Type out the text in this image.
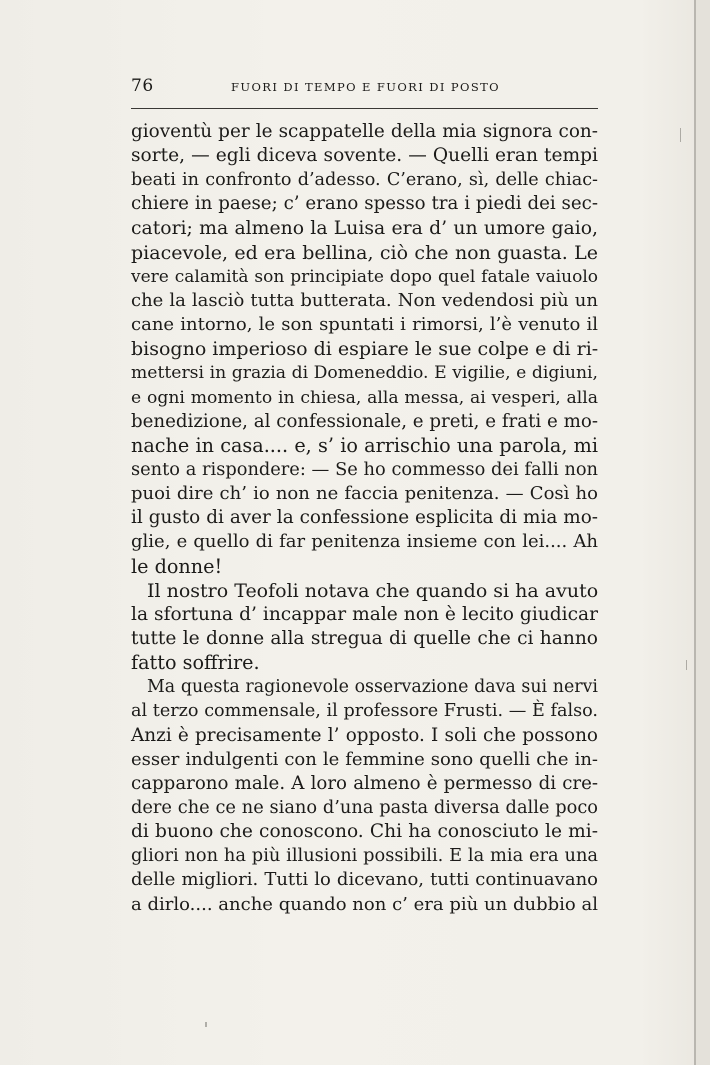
76	FUORI DI TEMPO E FUORI DI POSTO
gioventù per le scappatelle della mia signora con-
sorte, — egli diceva sovente. — Quelli eran tempi
beati in confronto d’adesso. C’erano, sì, delle chiac-
chiere in paese; c’ erano spesso tra i piedi dei sec-
catori; ma almeno la Luisa era d’ un umore gaio,
piacevole, ed era bellina, ciò che non guasta. Le
vere calamità son principiate dopo quel fatale vaiuolo
che la lasciò tutta butterata. Non vedendosi più un
cane intorno, le son spuntati i rimorsi, l’è venuto il
bisogno imperioso di espiare le sue colpe e di ri-
mettersi in grazia di Domeneddio. E vigilie, e digiuni,
e ogni momento in chiesa, alla messa, ai vesperi, alla
benedizione, al confessionale, e preti, e frati e mo-
nache in casa.... e, s’ io arrischio una parola, mi
sento a rispondere: — Se ho commesso dei falli non
puoi dire ch’ io non ne faccia penitenza. — Così ho
il gusto di aver la confessione esplicita di mia mo-
glie, e quello di far penitenza insieme con lei.... Ah
le donne!
Il nostro Teofoli notava che quando si ha avuto
la sfortuna d’ incappar male non è lecito giudicar
tutte le donne alla stregua di quelle che ci hanno
fatto soffrire.
Ma questa ragionevole osservazione dava sui nervi
al terzo commensale, il professore Frusti. — È falso.
Anzi è precisamente l’ opposto. I soli che possono
esser indulgenti con le femmine sono quelli che in-
capparono male. A loro almeno è permesso di cre-
dere che ce ne siano d’una pasta diversa dalle poco
di buono che conoscono. Chi ha conosciuto le mi-
gliori non ha più illusioni possibili. E la mia era una
delle migliori. Tutti lo dicevano, tutti continuavano
a dirlo.... anche quando non c’ era più un dubbio al
